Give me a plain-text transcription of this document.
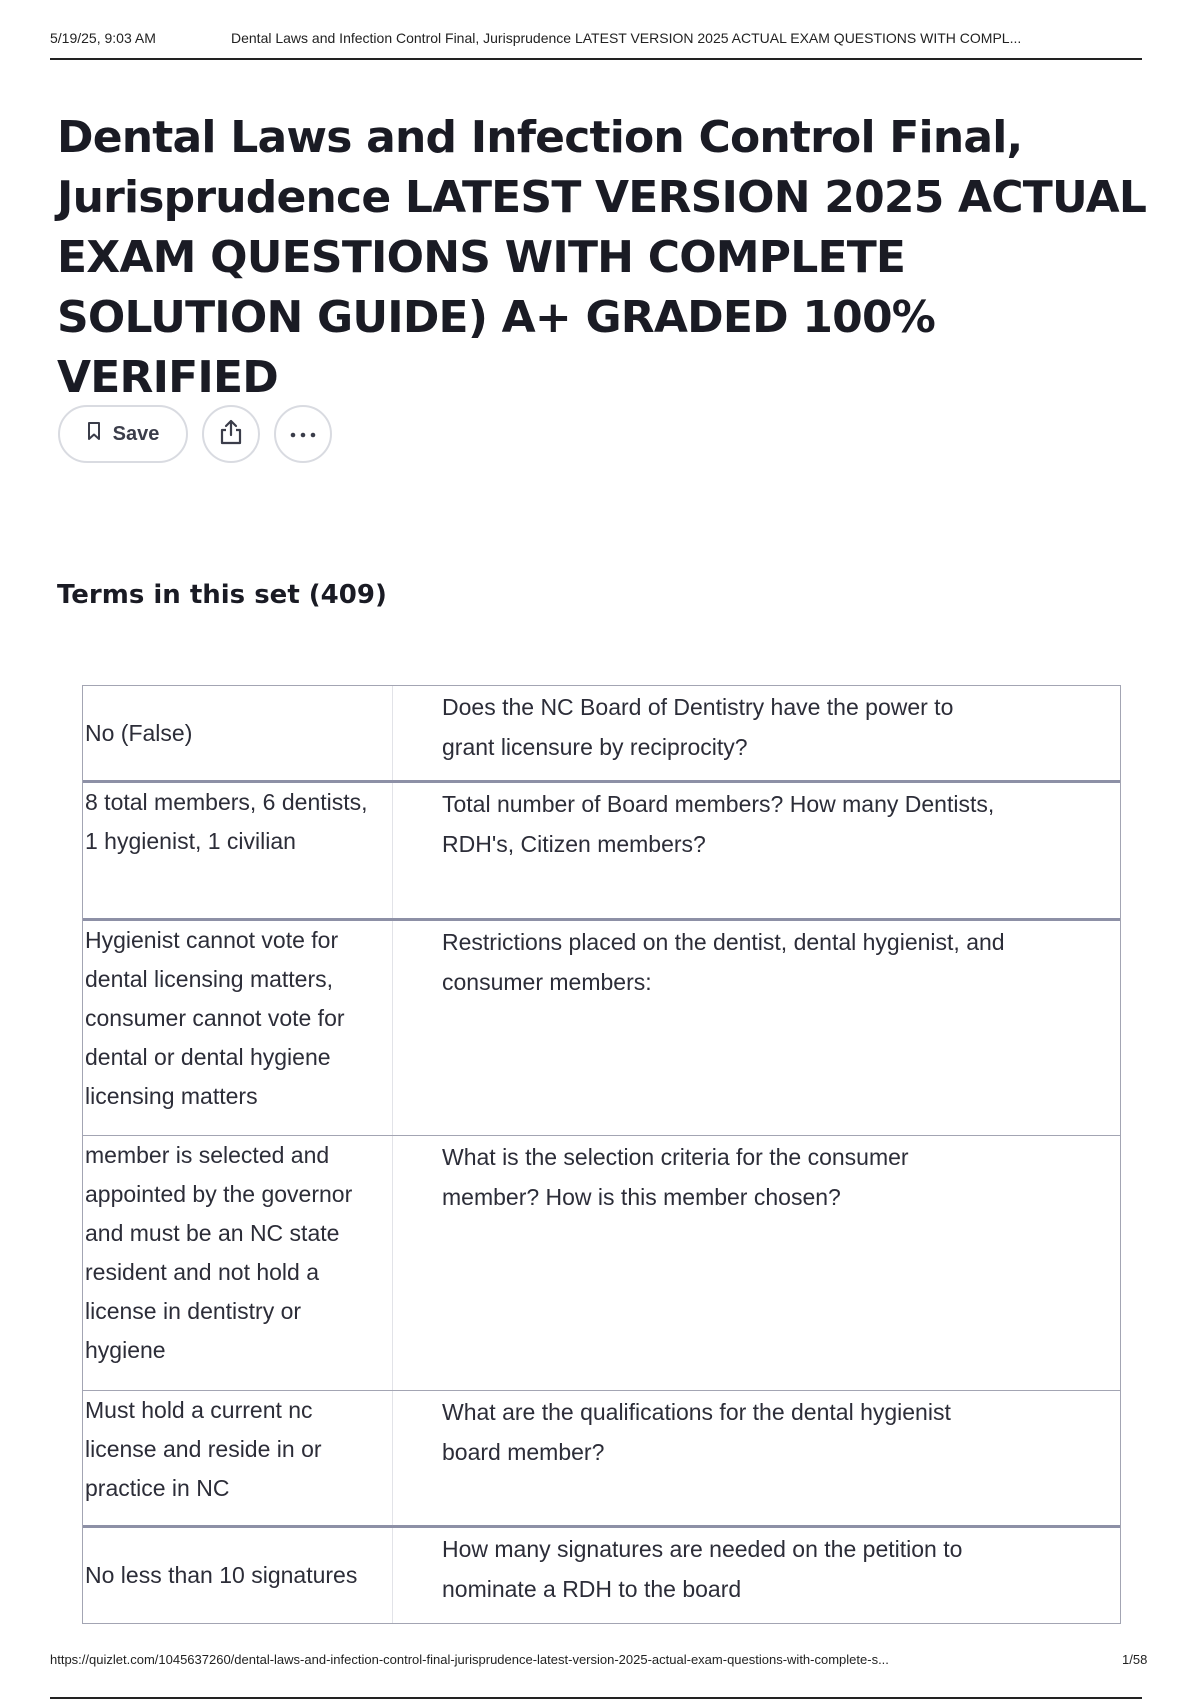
5/19/25, 9:03 AM	Dental Laws and Infection Control Final, Jurisprudence LATEST VERSION 2025 ACTUAL EXAM QUESTIONS WITH COMPL...
Dental Laws and Infection Control Final, Jurisprudence LATEST VERSION 2025 ACTUAL EXAM QUESTIONS WITH COMPLETE SOLUTION GUIDE) A+ GRADED 100% VERIFIED
Save
Terms in this set (409)
No (False)
Does the NC Board of Dentistry have the power to grant licensure by reciprocity?
8 total members, 6 dentists, 1 hygienist, 1 civilian
Total number of Board members? How many Dentists, RDH's, Citizen members?
Hygienist cannot vote for dental licensing matters, consumer cannot vote for dental or dental hygiene licensing matters
Restrictions placed on the dentist, dental hygienist, and consumer members:
member is selected and appointed by the governor and must be an NC state resident and not hold a license in dentistry or hygiene
What is the selection criteria for the consumer member? How is this member chosen?
Must hold a current nc license and reside in or practice in NC
What are the qualifications for the dental hygienist board member?
No less than 10 signatures
How many signatures are needed on the petition to nominate a RDH to the board
https://quizlet.com/1045637260/dental-laws-and-infection-control-final-jurisprudence-latest-version-2025-actual-exam-questions-with-complete-s...	1/58
